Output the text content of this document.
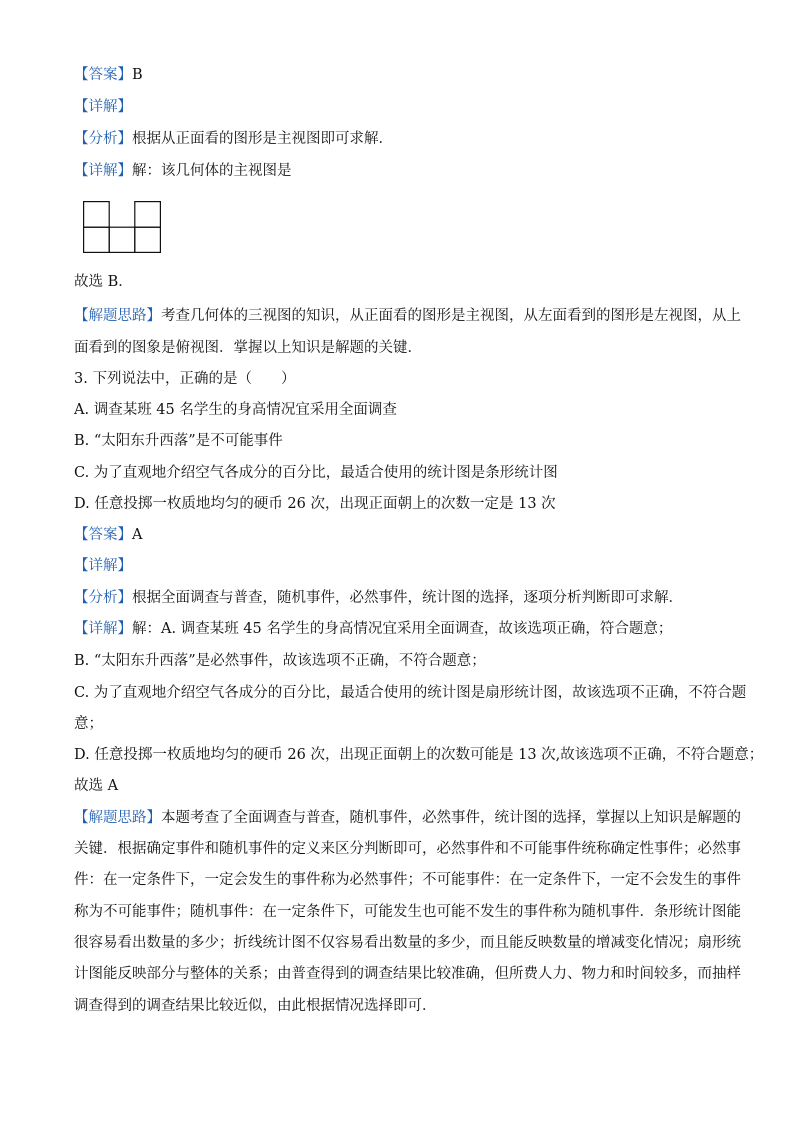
【答案】B
【详解】
【分析】根据从正面看的图形是主视图即可求解．
【详解】解：该几何体的主视图是
故选 B．
【解题思路】考查几何体的三视图的知识，从正面看的图形是主视图，从左面看到的图形是左视图，从上
面看到的图象是俯视图．掌握以上知识是解题的关键．
3. 下列说法中，正确的是（　　）
A. 调查某班 45 名学生的身高情况宜采用全面调查
B. “太阳东升西落”是不可能事件
C. 为了直观地介绍空气各成分的百分比，最适合使用的统计图是条形统计图
D. 任意投掷一枚质地均匀的硬币 26 次，出现正面朝上的次数一定是 13 次
【答案】A
【详解】
【分析】根据全面调查与普查，随机事件，必然事件，统计图的选择，逐项分析判断即可求解．
【详解】解：A. 调查某班 45 名学生的身高情况宜采用全面调查，故该选项正确，符合题意；
B. “太阳东升西落”是必然事件，故该选项不正确，不符合题意；
C. 为了直观地介绍空气各成分的百分比，最适合使用的统计图是扇形统计图，故该选项不正确，不符合题
意；
D. 任意投掷一枚质地均匀的硬币 26 次，出现正面朝上的次数可能是 13 次,故该选项不正确，不符合题意；
故选 A
【解题思路】本题考查了全面调查与普查，随机事件，必然事件，统计图的选择，掌握以上知识是解题的
关键．根据确定事件和随机事件的定义来区分判断即可，必然事件和不可能事件统称确定性事件；必然事
件：在一定条件下，一定会发生的事件称为必然事件；不可能事件：在一定条件下，一定不会发生的事件
称为不可能事件；随机事件：在一定条件下，可能发生也可能不发生的事件称为随机事件．条形统计图能
很容易看出数量的多少；折线统计图不仅容易看出数量的多少，而且能反映数量的增减变化情况；扇形统
计图能反映部分与整体的关系；由普查得到的调查结果比较准确，但所费人力、物力和时间较多，而抽样
调查得到的调查结果比较近似，由此根据情况选择即可．
